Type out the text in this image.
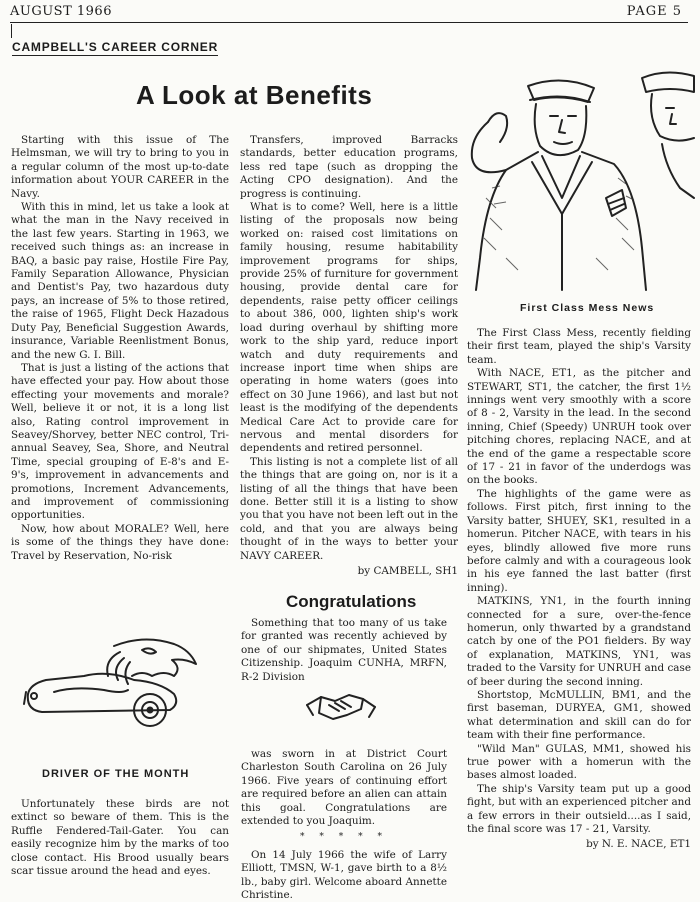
AUGUST 1966	PAGE 5
CAMPBELL'S CAREER CORNER
A Look at Benefits

Starting with this issue of The Helmsman, we will try to bring to you in a regular column of the most up-to-date information about YOUR CAREER in the Navy.

With this in mind, let us take a look at what the man in the Navy received in the last few years. Starting in 1963, we received such things as: an increase in BAQ, a basic pay raise, Hostile Fire Pay, Family Separation Allowance, Physician and Dentist's Pay, two hazardous duty pays, an increase of 5% to those retired, the raise of 1965, Flight Deck Hazadous Duty Pay, Beneficial Suggestion Awards, insurance, Variable Reenlistment Bonus, and the new G. I. Bill.

That is just a listing of the actions that have effected your pay. How about those effecting your movements and morale? Well, believe it or not, it is a long list also, Rating control improvement in Seavey/Shorvey, better NEC control, Tri-annual Seavey, Sea, Shore, and Neutral Time, special grouping of E-8's and E-9's, improvement in advancements and promotions, Increment Advancements, and improvement of commissioning opportunities.

Now, how about MORALE? Well, here is some of the things they have done: Travel by Reservation, No-risk

Transfers, improved Barracks standards, better education programs, less red tape (such as dropping the Acting CPO designation). And the progress is continuing.

What is to come? Well, here is a little listing of the proposals now being worked on: raised cost limitations on family housing, resume habitability improvement programs for ships, provide 25% of furniture for government housing, provide dental care for dependents, raise petty officer ceilings to about 386, 000, lighten ship's work load during overhaul by shifting more work to the ship yard, reduce inport watch and duty requirements and increase inport time when ships are operating in home waters (goes into effect on 30 June 1966), and last but not least is the modifying of the dependents Medical Care Act to provide care for nervous and mental disorders for dependents and retired personnel.

This listing is not a complete list of all the things that are going on, nor is it a listing of all the things that have been done. Better still it is a listing to show you that you have not been left out in the cold, and that you are always being thought of in the ways to better your NAVY CAREER.

by CAMBELL, SH1
First Class Mess News

The First Class Mess, recently fielding their first team, played the ship's Varsity team.

With NACE, ET1, as the pitcher and STEWART, ST1, the catcher, the first 1½ innings went very smoothly with a score of 8 - 2, Varsity in the lead. In the second inning, Chief (Speedy) UNRUH took over pitching chores, replacing NACE, and at the end of the game a respectable score of 17 - 21 in favor of the underdogs was on the books.

The highlights of the game were as follows. First pitch, first inning to the Varsity batter, SHUEY, SK1, resulted in a homerun. Pitcher NACE, with tears in his eyes, blindly allowed five more runs before calmly and with a courageous look in his eye fanned the last batter (first inning).

MATKINS, YN1, in the fourth inning connected for a sure, over-the-fence homerun, only thwarted by a grandstand catch by one of the PO1 fielders. By way of explanation, MATKINS, YN1, was traded to the Varsity for UNRUH and case of beer during the second inning.

Shortstop, McMULLIN, BM1, and the first baseman, DURYEA, GM1, showed what determination and skill can do for team with their fine performance.

"Wild Man" GULAS, MM1, showed his true power with a homerun with the bases almost loaded.

The ship's Varsity team put up a good fight, but with an experienced pitcher and a few errors in their outsield....as I said, the final score was 17 - 21, Varsity.

by N. E. NACE, ET1
DRIVER OF THE MONTH

Unfortunately these birds are not extinct so beware of them. This is the Ruffle Fendered-Tail-Gater. You can easily recognize him by the marks of too close contact. His Brood usually bears scar tissue around the head and eyes.

Congratulations

Something that too many of us take for granted was recently achieved by one of our shipmates, United States Citizenship. Joaquim CUNHA, MRFN, R-2 Division

was sworn in at District Court Charleston South Carolina on 26 July 1966. Five years of continuing effort are required before an alien can attain this goal. Congratulations are extended to you Joaquim.

* * * * *

On 14 July 1966 the wife of Larry Elliott, TMSN, W-1, gave birth to a 8½ lb., baby girl. Welcome aboard Annette Christine.
